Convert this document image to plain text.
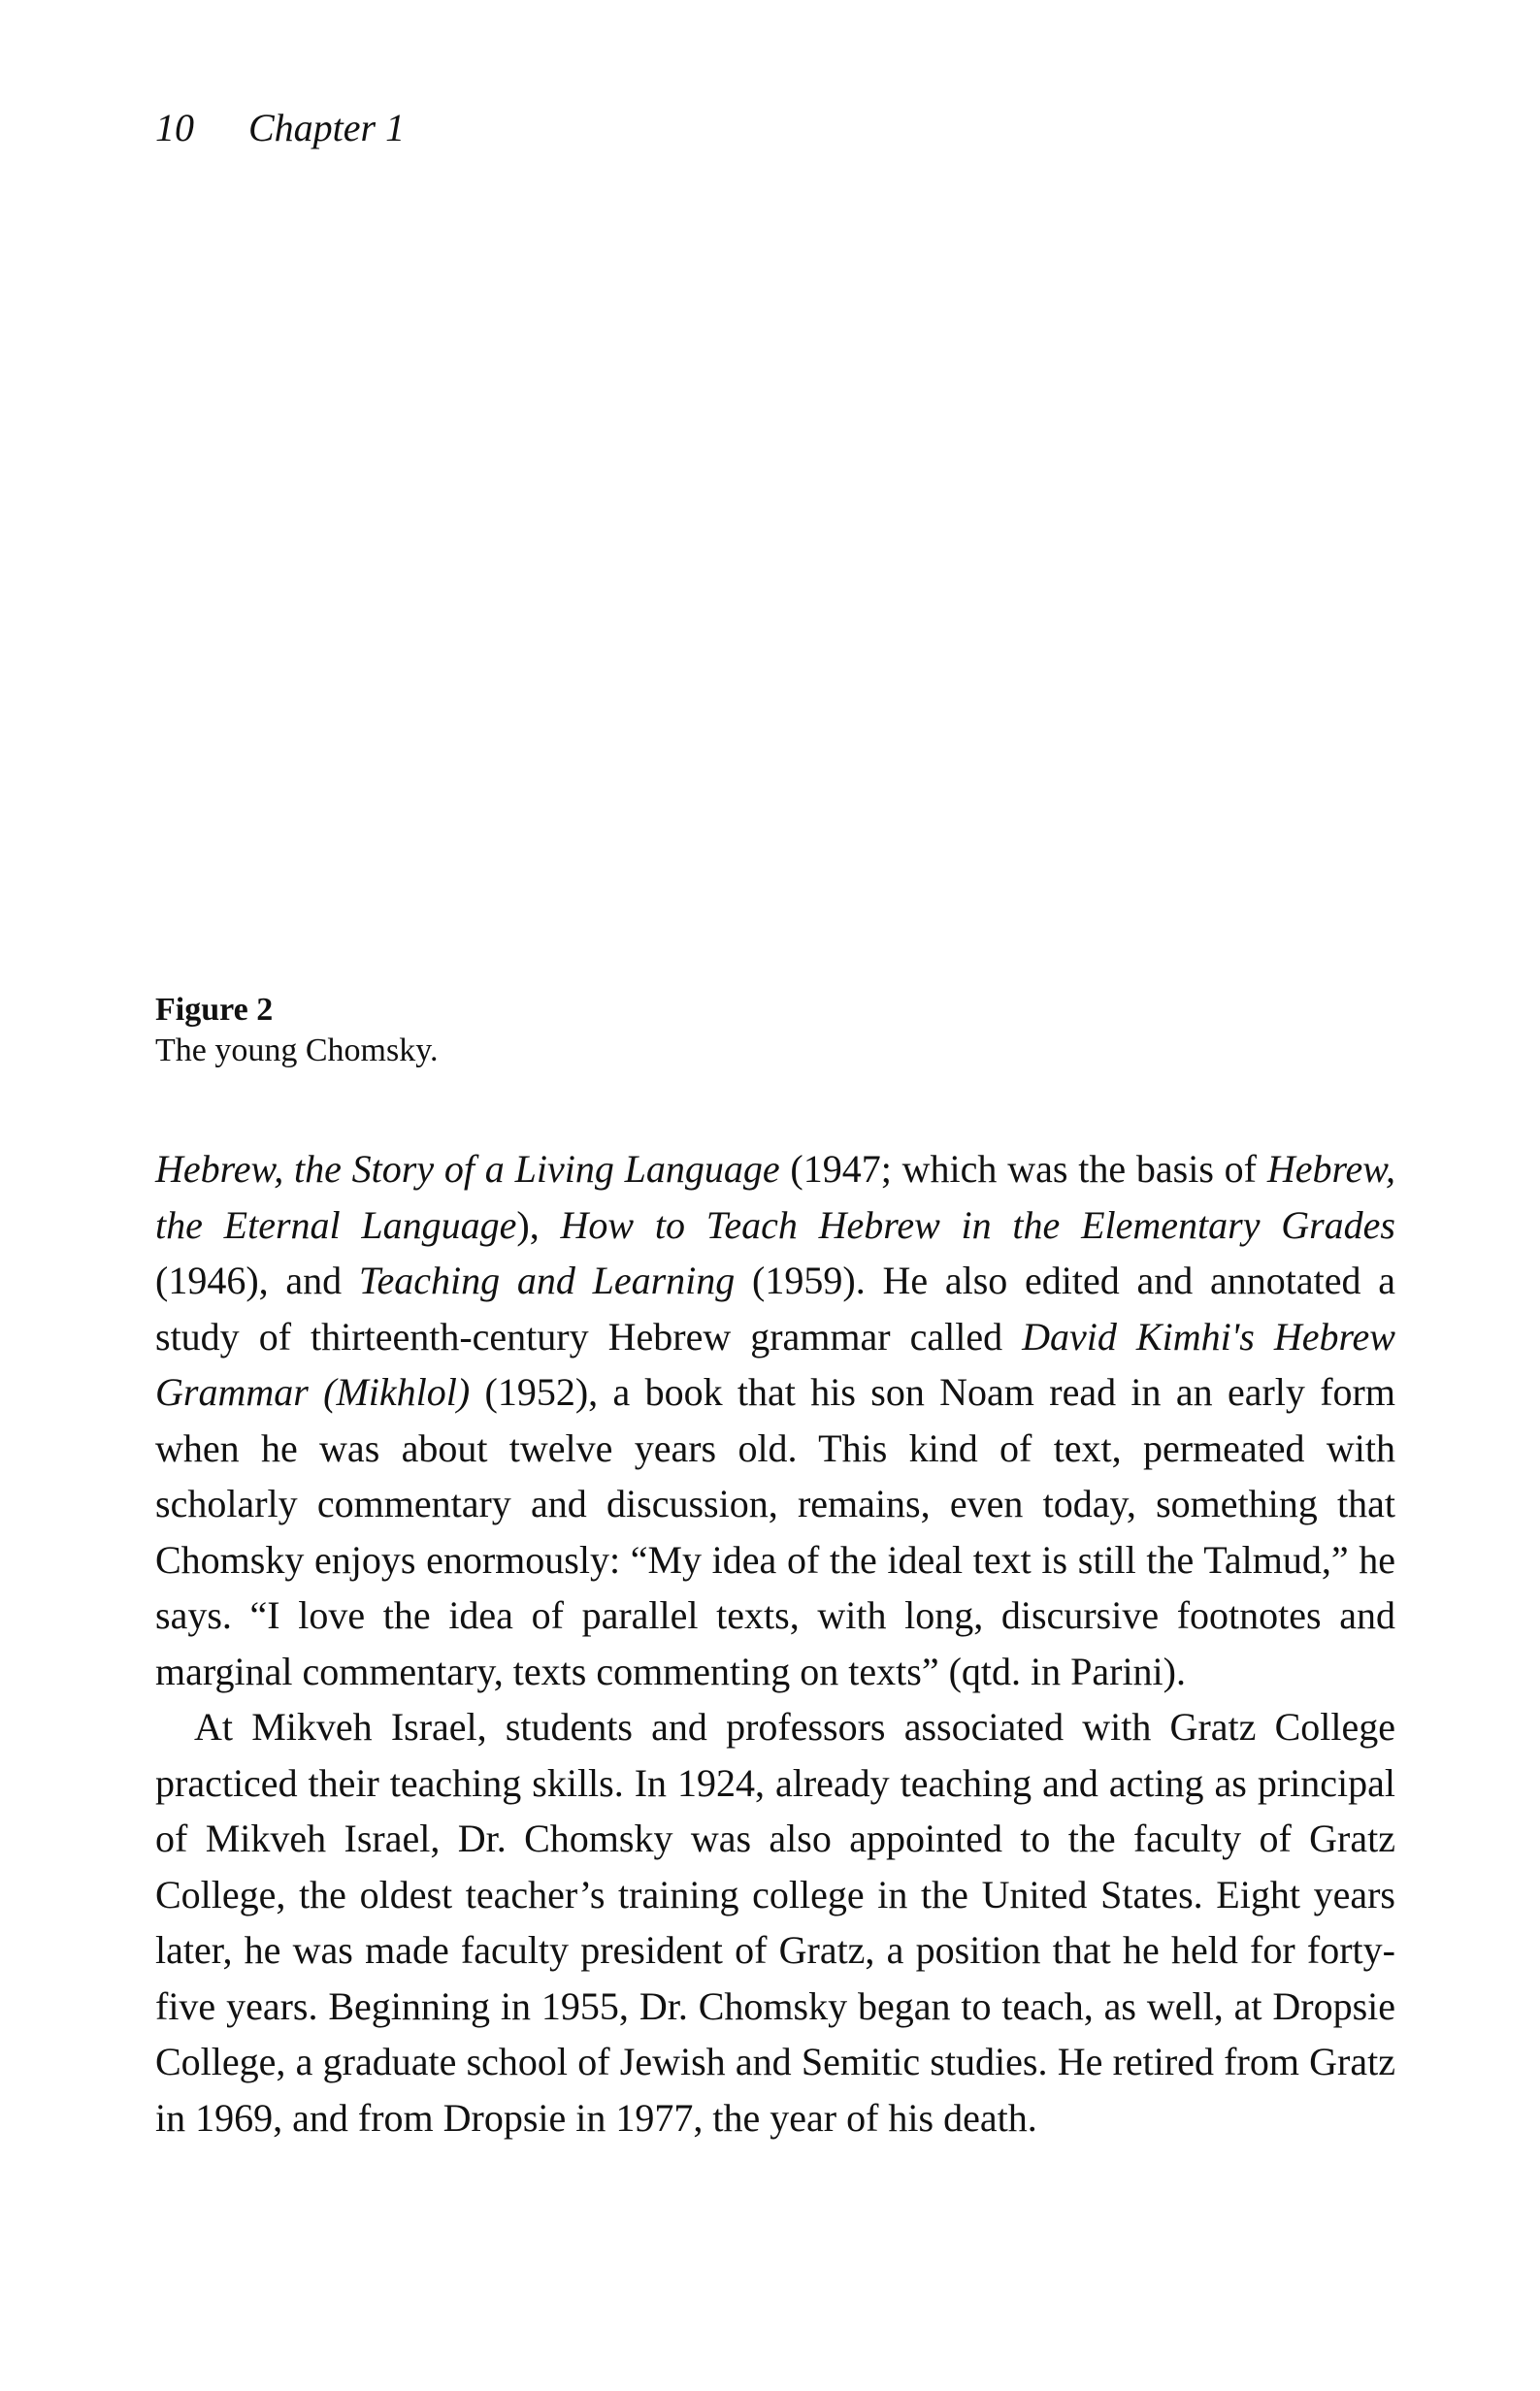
10 Chapter 1
Figure 2
The young Chomsky.

Hebrew, the Story of a Living Language (1947; which was the basis of Hebrew, the Eternal Language), How to Teach Hebrew in the Elementary Grades (1946), and Teaching and Learning (1959). He also edited and annotated a study of thirteenth-century Hebrew grammar called David Kimhi's Hebrew Grammar (Mikhlol) (1952), a book that his son Noam read in an early form when he was about twelve years old. This kind of text, permeated with scholarly commentary and discussion, remains, even today, something that Chomsky enjoys enormously: “My idea of the ideal text is still the Talmud,” he says. “I love the idea of parallel texts, with long, discursive footnotes and marginal commentary, texts commenting on texts” (qtd. in Parini).

At Mikveh Israel, students and professors associated with Gratz College practiced their teaching skills. In 1924, already teaching and acting as principal of Mikveh Israel, Dr. Chomsky was also appointed to the faculty of Gratz College, the oldest teacher’s training college in the United States. Eight years later, he was made faculty president of Gratz, a position that he held for forty-five years. Beginning in 1955, Dr. Chomsky began to teach, as well, at Dropsie College, a graduate school of Jewish and Semitic studies. He retired from Gratz in 1969, and from Dropsie in 1977, the year of his death.
